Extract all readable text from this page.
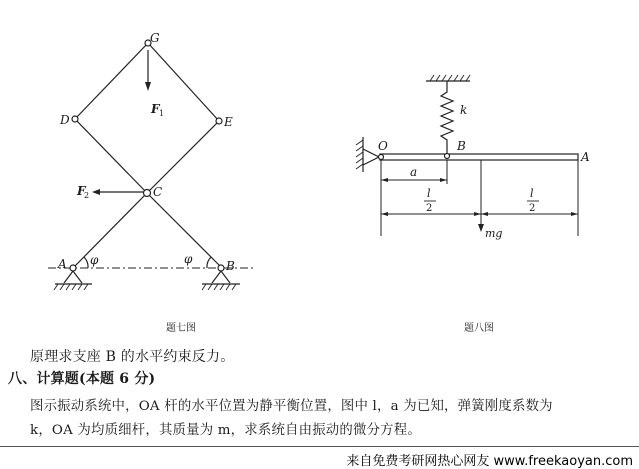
G
D	E
C
A	B
F 1
F
2
φ	φ
题七图
k
O	B
A
a
l
2
l
2
mg
题八图
原理求支座 B 的水平约束反力。
八、计算题(本题 6 分)
图示振动系统中，OA 杆的水平位置为静平衡位置，图中 l，a 为已知，弹簧刚度系数为
k，OA 为均质细杆，其质量为 m，求系统自由振动的微分方程。
来自免费考研网热心网友 www.freekaoyan.com
